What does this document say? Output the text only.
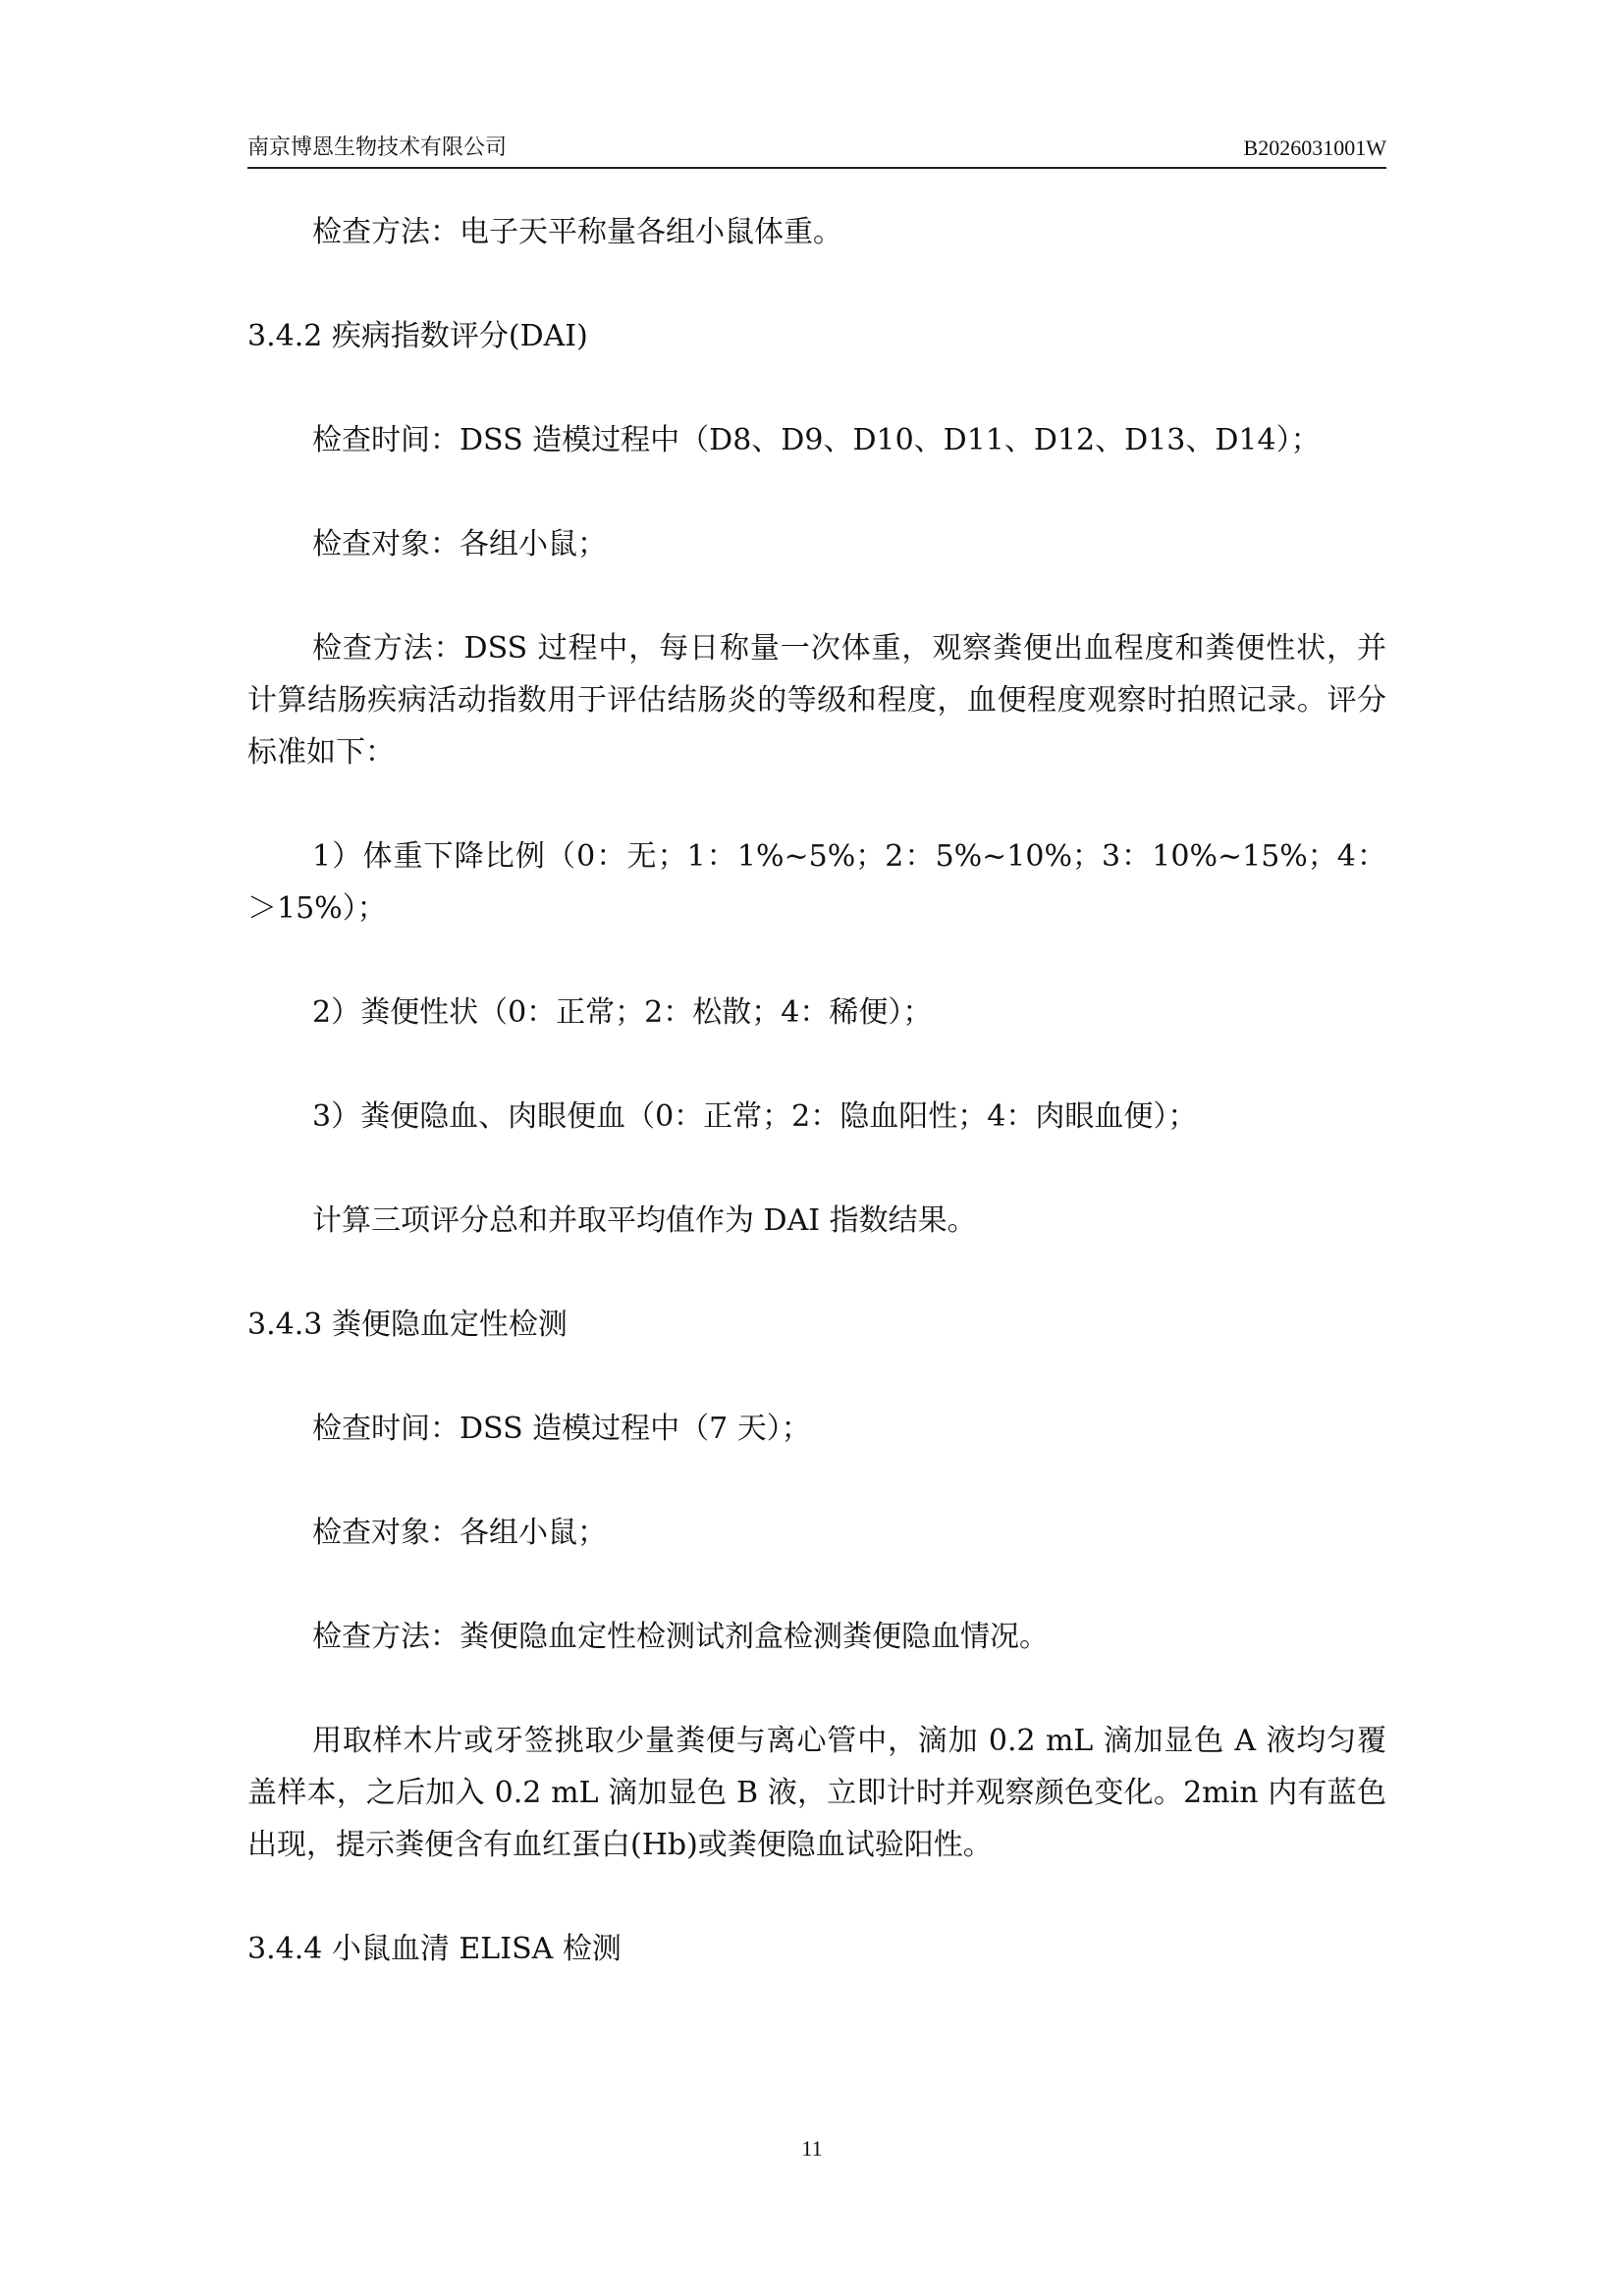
南京博恩生物技术有限公司	B2026031001W

检查方法：电子天平称量各组小鼠体重。

3.4.2 疾病指数评分(DAI)

检查时间：DSS 造模过程中（D8、D9、D10、D11、D12、D13、D14）；

检查对象：各组小鼠；

检查方法：DSS 过程中，每日称量一次体重，观察粪便出血程度和粪便性状，并计算结肠疾病活动指数用于评估结肠炎的等级和程度，血便程度观察时拍照记录。评分标准如下：

1）体重下降比例（0：无；1：1%~5%；2：5%~10%；3：10%~15%；4：＞15%）；

2）粪便性状（0：正常；2：松散；4：稀便）；

3）粪便隐血、肉眼便血（0：正常；2：隐血阳性；4：肉眼血便）；

计算三项评分总和并取平均值作为 DAI 指数结果。

3.4.3 粪便隐血定性检测

检查时间：DSS 造模过程中（7 天）；

检查对象：各组小鼠；

检查方法：粪便隐血定性检测试剂盒检测粪便隐血情况。

用取样木片或牙签挑取少量粪便与离心管中，滴加 0.2 mL 滴加显色 A 液均匀覆盖样本，之后加入 0.2 mL 滴加显色 B 液，立即计时并观察颜色变化。2min 内有蓝色出现，提示粪便含有血红蛋白(Hb)或粪便隐血试验阳性。

3.4.4 小鼠血清 ELISA 检测

11
